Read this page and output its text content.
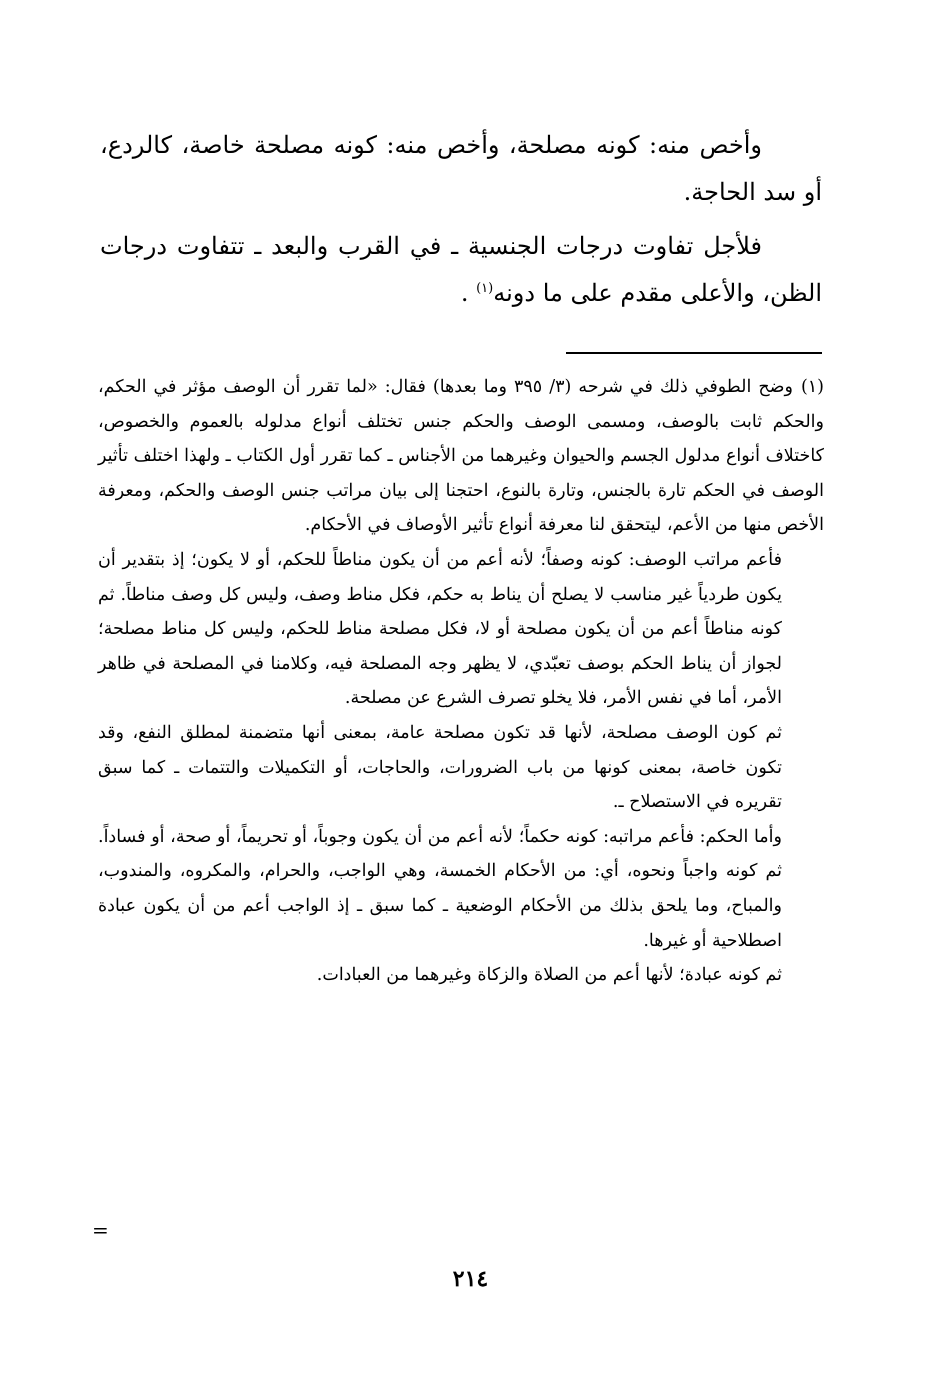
وأخص منه: كونه مصلحة، وأخص منه: كونه مصلحة خاصة، كالردع، أو سد الحاجة.

فلأجل تفاوت درجات الجنسية ـ في القرب والبعد ـ تتفاوت درجات الظن، والأعلى مقدم على ما دونه$^{(١)}$ .

(١)وضح الطوفي ذلك في شرحه (٣/ ٣٩٥ وما بعدها) فقال: «لما تقرر أن الوصف مؤثر في الحكم، والحكم ثابت بالوصف، ومسمى الوصف والحكم جنس تختلف أنواع مدلوله بالعموم والخصوص، كاختلاف أنواع مدلول الجسم والحيوان وغيرهما من الأجناس ـ كما تقرر أول الكتاب ـ ولهذا اختلف تأثير الوصف في الحكم تارة بالجنس، وتارة بالنوع، احتجنا إلى بيان مراتب جنس الوصف والحكم، ومعرفة الأخص منها من الأعم، ليتحقق لنا معرفة أنواع تأثير الأوصاف في الأحكام.

فأعم مراتب الوصف: كونه وصفاً؛ لأنه أعم من أن يكون مناطاً للحكم، أو لا يكون؛ إذ بتقدير أن يكون طردياً غير مناسب لا يصلح أن يناط به حكم، فكل مناط وصف، وليس كل وصف مناطاً. ثم كونه مناطاً أعم من أن يكون مصلحة أو لا، فكل مصلحة مناط للحكم، وليس كل مناط مصلحة؛ لجواز أن يناط الحكم بوصف تعبّدي، لا يظهر وجه المصلحة فيه، وكلامنا في المصلحة في ظاهر الأمر، أما في نفس الأمر، فلا يخلو تصرف الشرع عن مصلحة.

ثم كون الوصف مصلحة، لأنها قد تكون مصلحة عامة، بمعنى أنها متضمنة لمطلق النفع، وقد تكون خاصة، بمعنى كونها من باب الضرورات، والحاجات، أو التكميلات والتتمات ـ كما سبق تقريره في الاستصلاح ـ.

وأما الحكم: فأعم مراتبه: كونه حكماً؛ لأنه أعم من أن يكون وجوباً، أو تحريماً، أو صحة، أو فساداً. ثم كونه واجباً ونحوه، أي: من الأحكام الخمسة، وهي الواجب، والحرام، والمكروه، والمندوب، والمباح، وما يلحق بذلك من الأحكام الوضعية ـ كما سبق ـ إذ الواجب أعم من أن يكون عبادة اصطلاحية أو غيرها.

ثم كونه عبادة؛ لأنها أعم من الصلاة والزكاة وغيرهما من العبادات.

=
٢١٤
